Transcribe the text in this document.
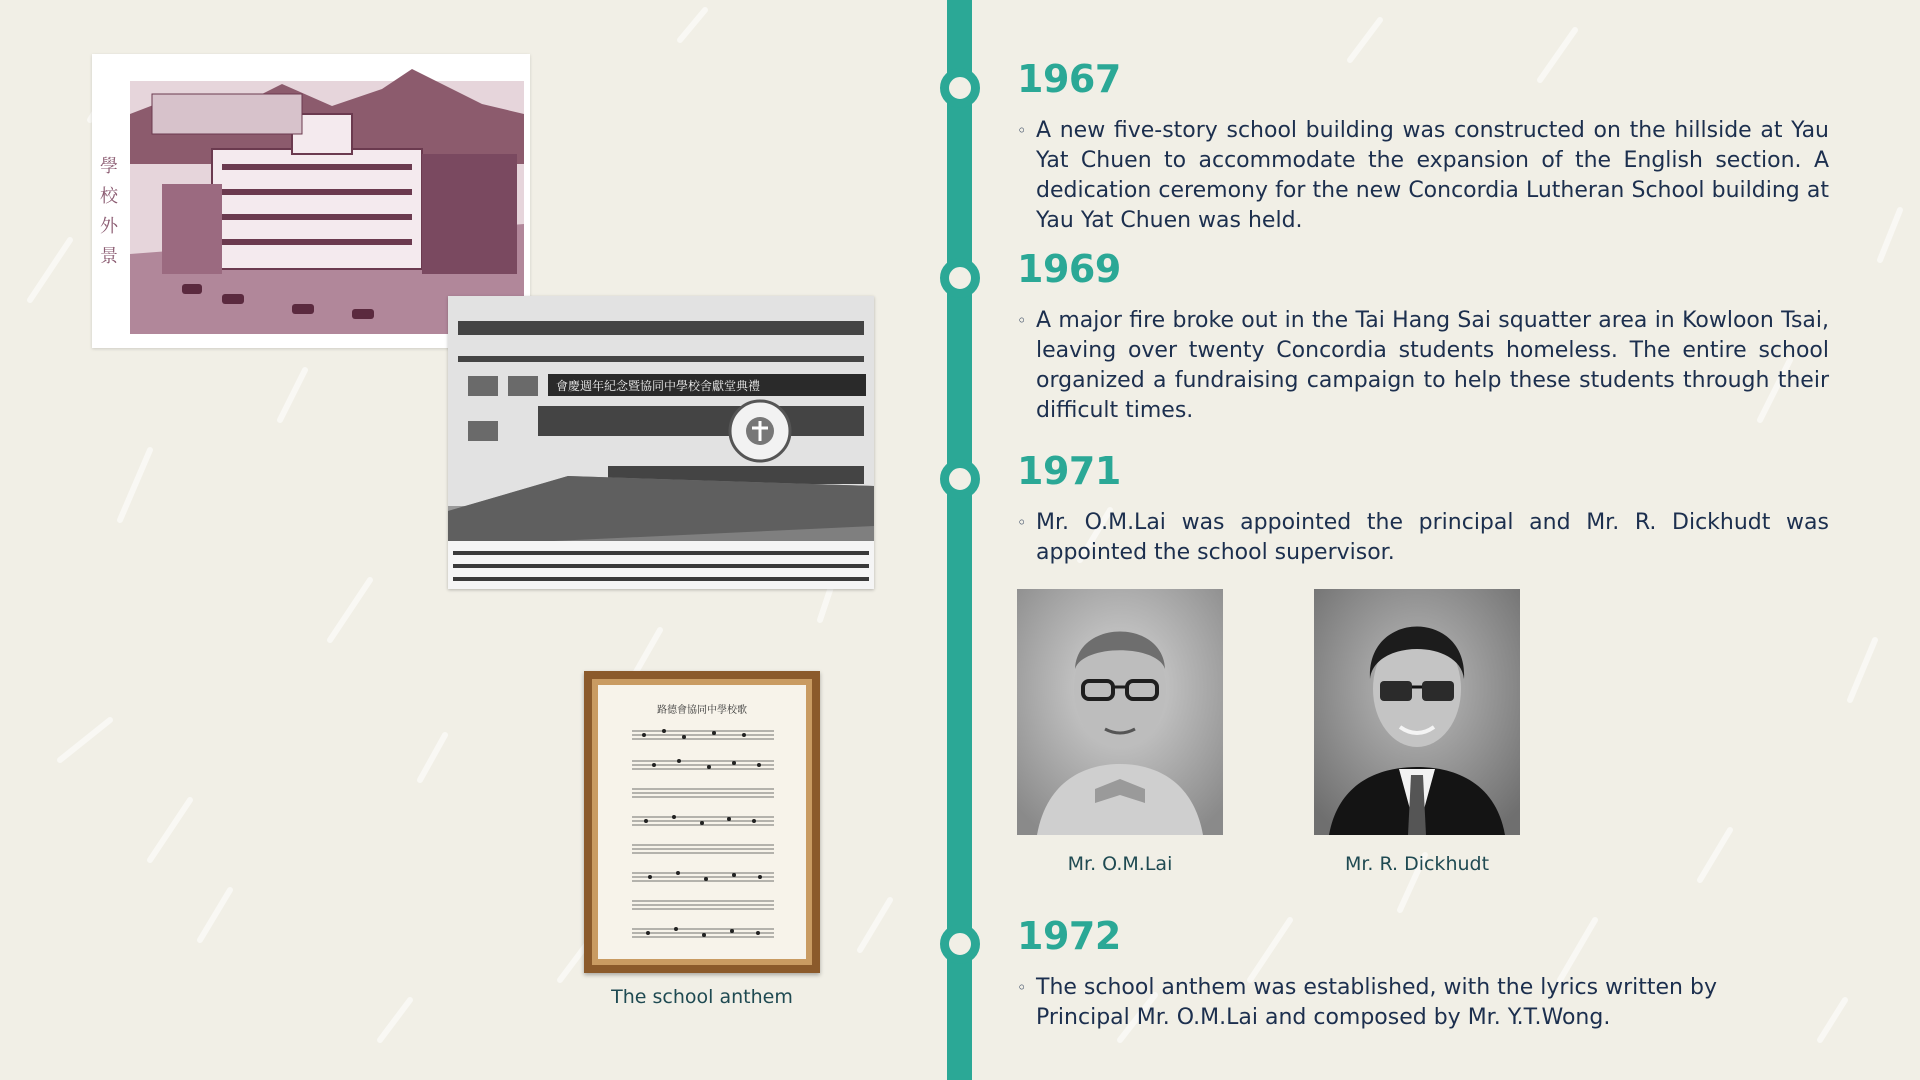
學
校
外
景
會慶週年紀念暨協同中學校舍獻堂典禮
路德會協同中學校歌
The school anthem
1967
◦ A new five-story school building was constructed on the hillside at Yau Yat Chuen to accommodate the expansion of the English section. A dedication ceremony for the new Concordia Lutheran School building at Yau Yat Chuen was held.
1969
◦ A major fire broke out in the Tai Hang Sai squatter area in Kowloon Tsai, leaving over twenty Concordia students homeless. The entire school organized a fundraising campaign to help these students through their difficult times.
1971
◦ Mr. O.M.Lai was appointed the principal and Mr. R. Dickhudt was appointed the school supervisor.
Mr. O.M.Lai	Mr. R. Dickhudt
1972
◦ The school anthem was established, with the lyrics written by Principal Mr. O.M.Lai and composed by Mr. Y.T.Wong.
